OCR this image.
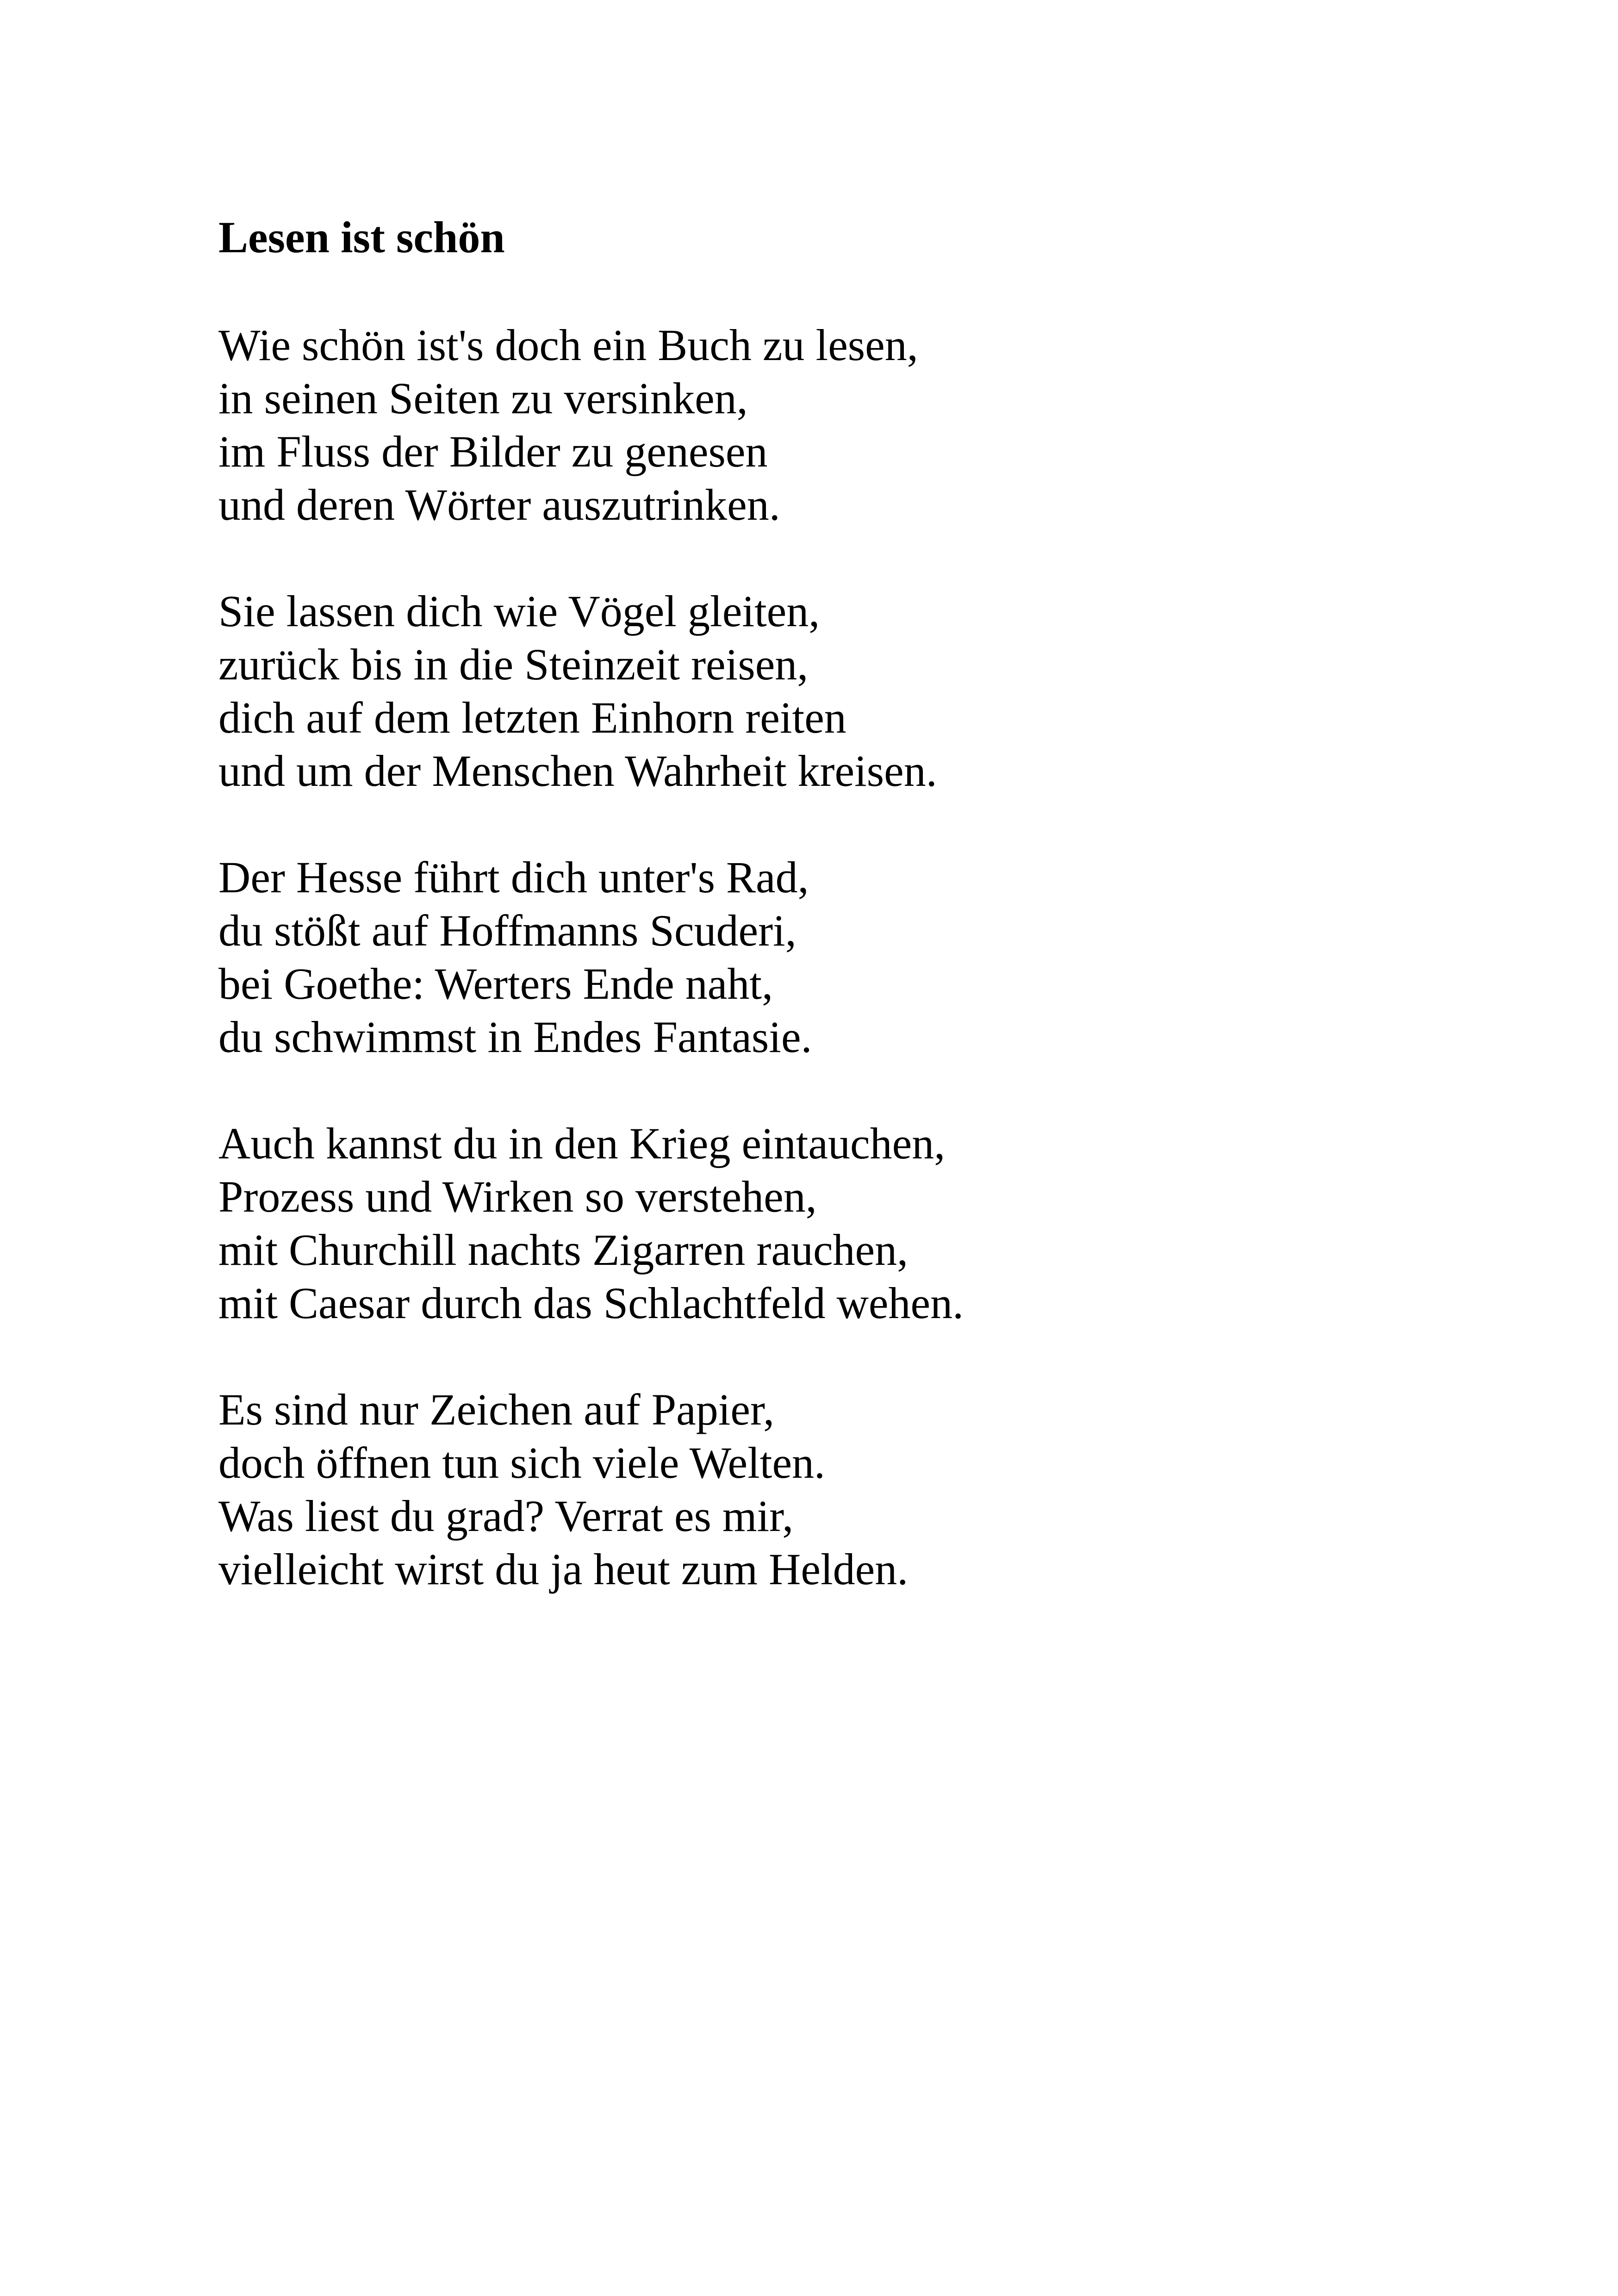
Lesen ist schön
Wie schön ist's doch ein Buch zu lesen,
in seinen Seiten zu versinken,
im Fluss der Bilder zu genesen
und deren Wörter auszutrinken.
Sie lassen dich wie Vögel gleiten,
zurück bis in die Steinzeit reisen,
dich auf dem letzten Einhorn reiten
und um der Menschen Wahrheit kreisen.
Der Hesse führt dich unter's Rad,
du stößt auf Hoffmanns Scuderi,
bei Goethe: Werters Ende naht,
du schwimmst in Endes Fantasie.
Auch kannst du in den Krieg eintauchen,
Prozess und Wirken so verstehen,
mit Churchill nachts Zigarren rauchen,
mit Caesar durch das Schlachtfeld wehen.
Es sind nur Zeichen auf Papier,
doch öffnen tun sich viele Welten.
Was liest du grad? Verrat es mir,
vielleicht wirst du ja heut zum Helden.
